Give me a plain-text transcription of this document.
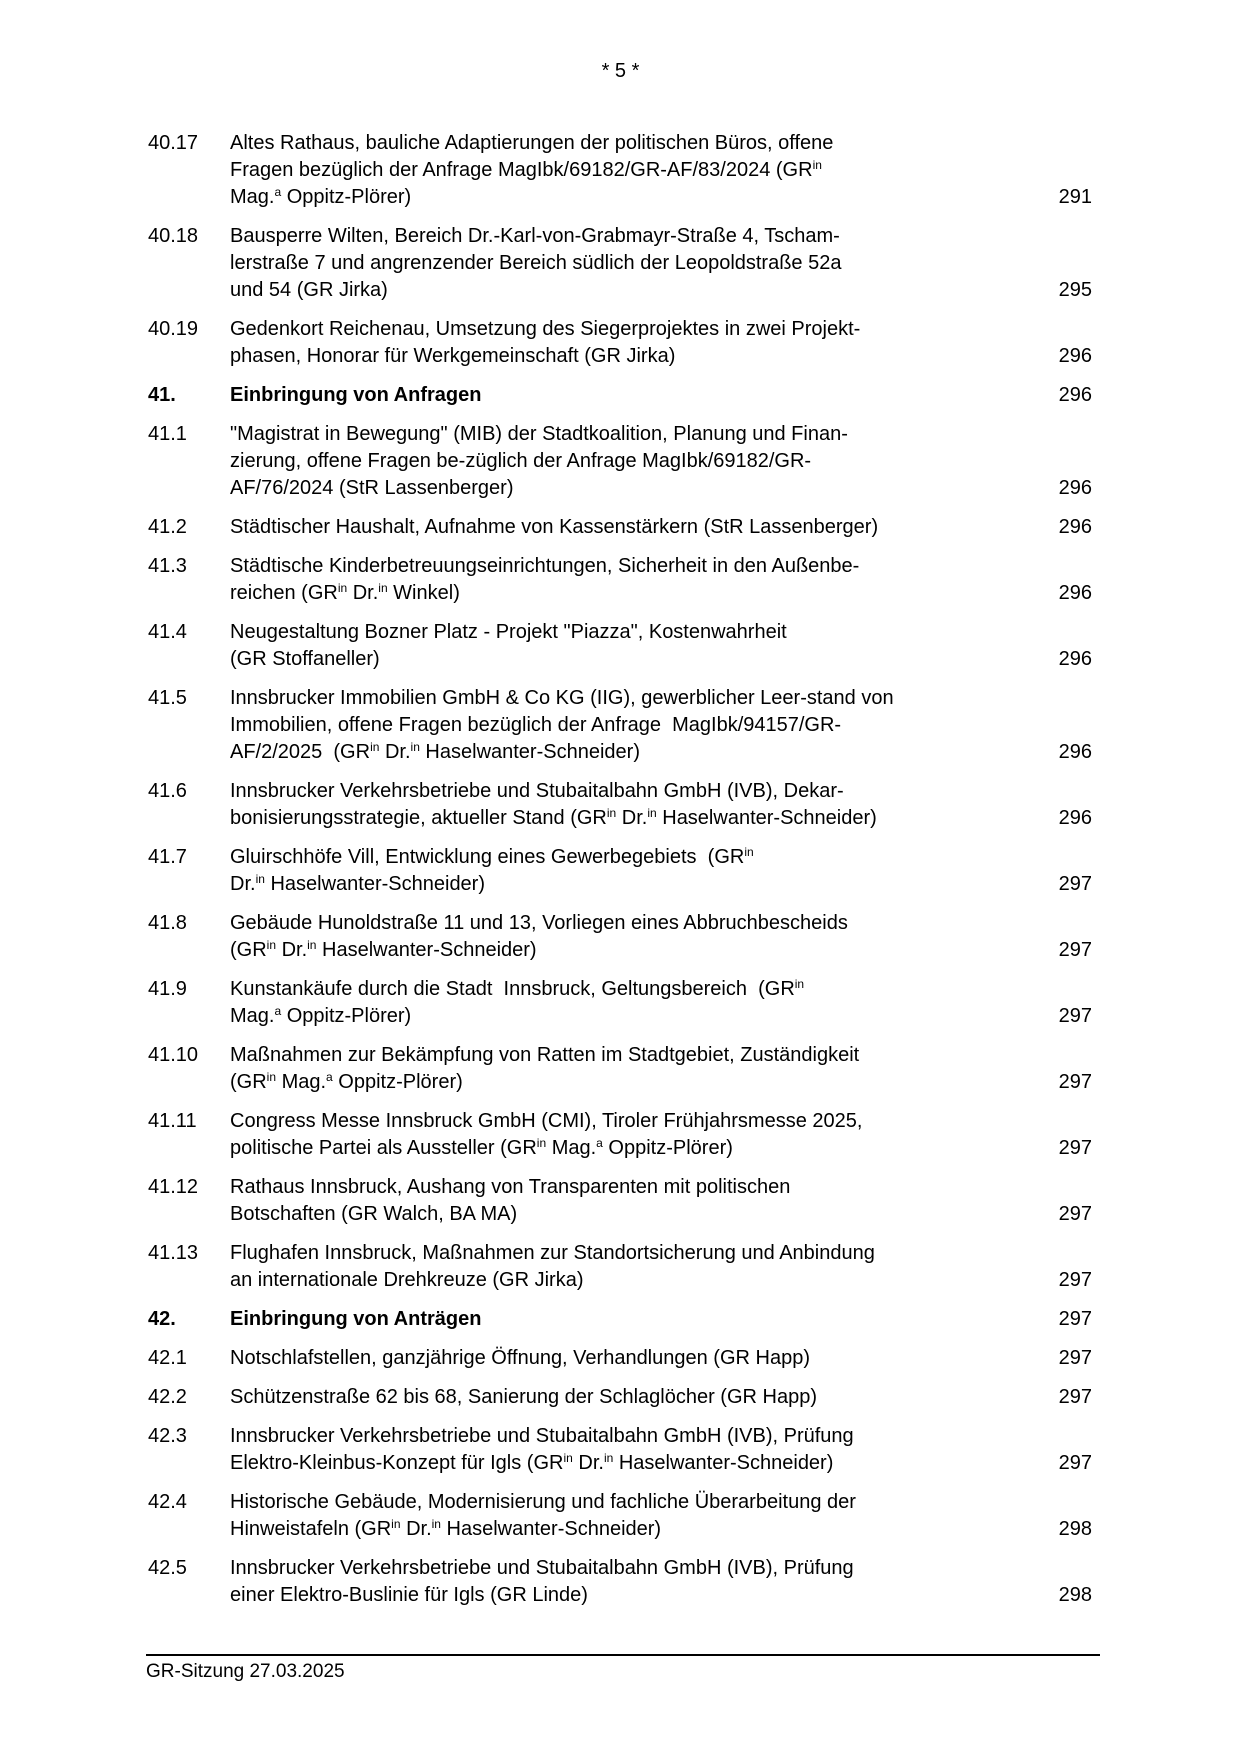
* 5 *
40.17	Altes Rathaus, bauliche Adaptierungen der politischen Büros, offene
Fragen bezüglich der Anfrage MagIbk/69182/GR-AF/83/2024 ($GR^{in}$
Mag.$^a$ Oppitz-Plörer)	291
40.18	Bausperre Wilten, Bereich Dr.-Karl-von-Grabmayr-Straße 4, Tscham-
lerstraße 7 und angrenzender Bereich südlich der Leopoldstraße 52a
und 54 (GR Jirka)	295
40.19	Gedenkort Reichenau, Umsetzung des Siegerprojektes in zwei Projekt-
phasen, Honorar für Werkgemeinschaft (GR Jirka)	296
41.	Einbringung von Anfragen	296
41.1	"Magistrat in Bewegung" (MIB) der Stadtkoalition, Planung und Finan-
zierung, offene Fragen be-züglich der Anfrage MagIbk/69182/GR-
AF/76/2024 (StR Lassenberger)	296
41.2	Städtischer Haushalt, Aufnahme von Kassenstärkern (StR Lassenberger)	296
41.3	Städtische Kinderbetreuungseinrichtungen, Sicherheit in den Außenbe-
reichen ($GR^{in}$ Dr.$^{in}$ Winkel)	296
41.4	Neugestaltung Bozner Platz - Projekt "Piazza", Kostenwahrheit
(GR Stoffaneller)	296
41.5	Innsbrucker Immobilien GmbH & Co KG (IIG), gewerblicher Leer-stand von
Immobilien, offene Fragen bezüglich der Anfrage  MagIbk/94157/GR-
AF/2/2025  ($GR^{in}$ Dr.$^{in}$ Haselwanter-Schneider)	296
41.6	Innsbrucker Verkehrsbetriebe und Stubaitalbahn GmbH (IVB), Dekar-
bonisierungsstrategie, aktueller Stand ($GR^{in}$ Dr.$^{in}$ Haselwanter-Schneider)	296
41.7	Gluirschhöfe Vill, Entwicklung eines Gewerbegebiets  ($GR^{in}$
Dr.$^{in}$ Haselwanter-Schneider)	297
41.8	Gebäude Hunoldstraße 11 und 13, Vorliegen eines Abbruchbescheids
($GR^{in}$ Dr.$^{in}$ Haselwanter-Schneider)	297
41.9	Kunstankäufe durch die Stadt  Innsbruck, Geltungsbereich  ($GR^{in}$
Mag.$^a$ Oppitz-Plörer)	297
41.10	Maßnahmen zur Bekämpfung von Ratten im Stadtgebiet, Zuständigkeit
($GR^{in}$ Mag.$^a$ Oppitz-Plörer)	297
41.11	Congress Messe Innsbruck GmbH (CMI), Tiroler Frühjahrsmesse 2025,
politische Partei als Aussteller ($GR^{in}$ Mag.$^a$ Oppitz-Plörer)	297
41.12	Rathaus Innsbruck, Aushang von Transparenten mit politischen
Botschaften (GR Walch, BA MA)	297
41.13	Flughafen Innsbruck, Maßnahmen zur Standortsicherung und Anbindung
an internationale Drehkreuze (GR Jirka)	297
42.	Einbringung von Anträgen	297
42.1	Notschlafstellen, ganzjährige Öffnung, Verhandlungen (GR Happ)	297
42.2	Schützenstraße 62 bis 68, Sanierung der Schlaglöcher (GR Happ)	297
42.3	Innsbrucker Verkehrsbetriebe und Stubaitalbahn GmbH (IVB), Prüfung
Elektro-Kleinbus-Konzept für Igls ($GR^{in}$ Dr.$^{in}$ Haselwanter-Schneider)	297
42.4	Historische Gebäude, Modernisierung und fachliche Überarbeitung der
Hinweistafeln ($GR^{in}$ Dr.$^{in}$ Haselwanter-Schneider)	298
42.5	Innsbrucker Verkehrsbetriebe und Stubaitalbahn GmbH (IVB), Prüfung
einer Elektro-Buslinie für Igls (GR Linde)	298
GR-Sitzung 27.03.2025
